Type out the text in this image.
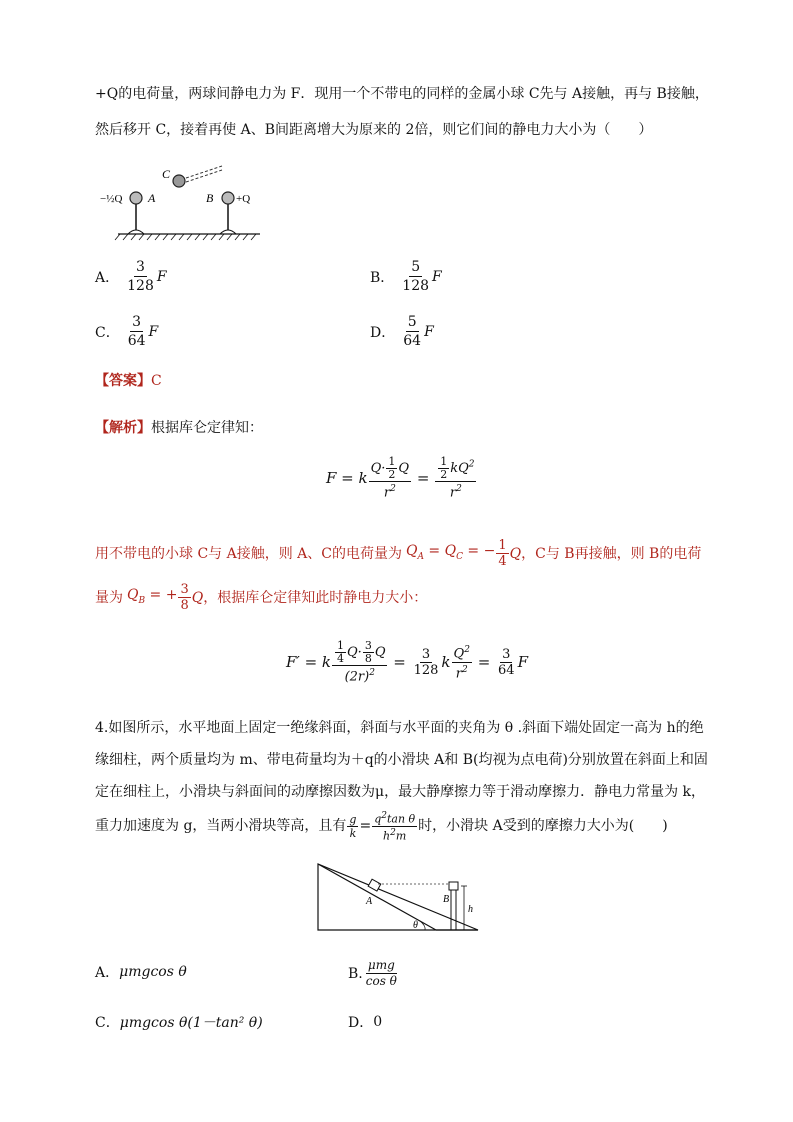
+Q的电荷量，两球间静电力为 F．现用一个不带电的同样的金属小球 C先与 A接触，再与 B接触，
然后移开 C，接着再使 A、B间距离增大为原来的 2倍，则它们间的静电力大小为（　　）
C
A	B
−½Q	+Q
A． $\frac{3}{128}$ F	B． $\frac{5}{128}$ F
C． $\frac{3}{64}$ F	D． $\frac{5}{64}$ F
【答案】C
【解析】根据库仑定律知：
F = k $\frac{Q\cdot \frac{1}{2} Q}{r^2} = \frac{\frac{1}{2} kQ^2}{r^2}$
用不带电的小球 C与 A接触，则 A、C的电荷量为 $Q_A = Q_C$ = − $\frac{1}{4}$ Q ，C与 B再接触，则 B的电荷
量为 $Q_B$ = + $\frac{3}{8}$ Q ，根据库仑定律知此时静电力大小：
F′ = k $\frac{\frac{1}{4} Q\cdot \frac{3}{8} Q}{(2r)^2} = \frac{3}{128}$ k $\frac{Q^2}{r^2} = \frac{3}{64}$ F
4.如图所示，水平地面上固定一绝缘斜面，斜面与水平面的夹角为 θ .斜面下端处固定一高为 h的绝
缘细柱，两个质量均为 m、带电荷量均为＋q的小滑块 A和 B(均视为点电荷)分别放置在斜面上和固
定在细柱上，小滑块与斜面间的动摩擦因数为μ，最大静摩擦力等于滑动摩擦力．静电力常量为 k，
重力加速度为 g，当两小滑块等高，且有 $\frac{g}{k} = \frac{q^2\tan \theta}{h^2m}$ 时，小滑块 A受到的摩擦力大小为(　　)
A	B
h
θ
A． μmgcos θ	B. $\frac{\text{μmg}}{\text{cos θ}}$
C． μmgcos θ(1－tan² θ)	D． 0
